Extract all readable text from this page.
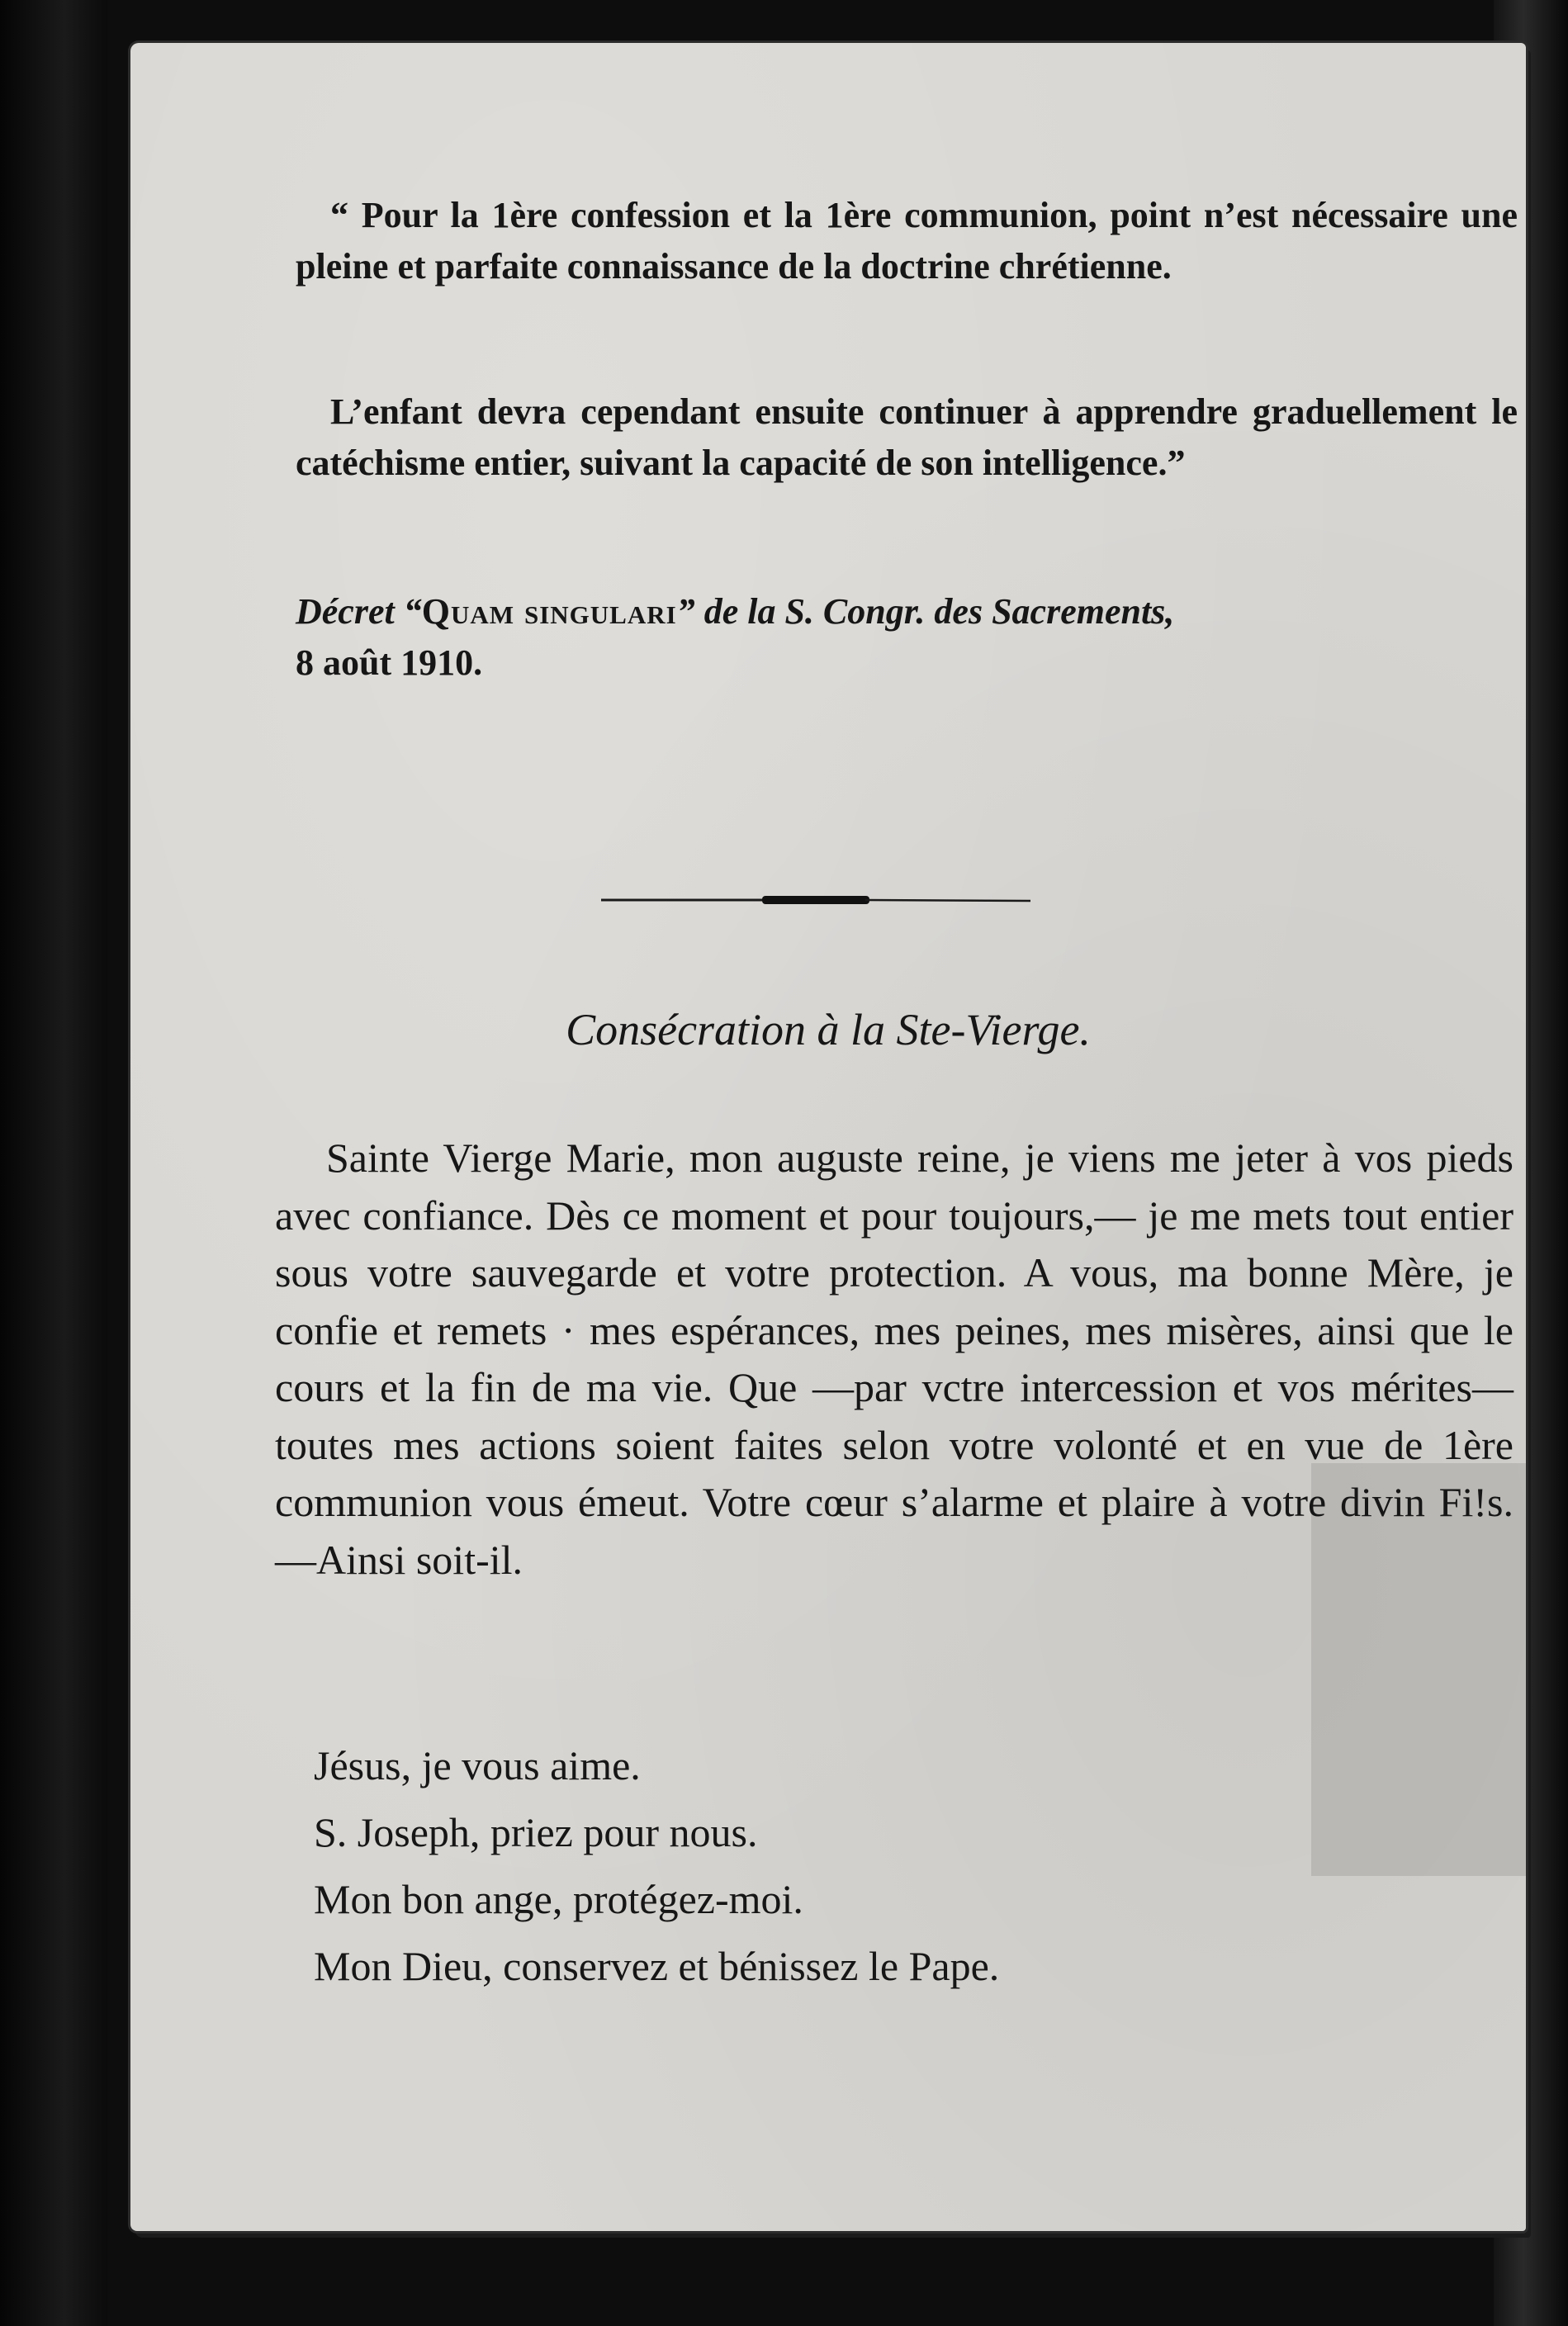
“ Pour la 1ère confession et la 1ère communion, point n’est nécessaire une pleine et parfaite connaissance de la doctrine chrétienne.
L’enfant devra cependant ensuite continuer à apprendre graduellement le catéchisme entier, suivant la capacité de son intelligence.”
Décret “Quam singulari” de la S. Congr. des Sacrements,
8 août 1910.
Consécration à la Ste-Vierge.
Sainte Vierge Marie, mon auguste reine, je viens me jeter à vos pieds avec confiance. Dès ce moment et pour toujours,— je me mets tout entier sous votre sauvegarde et votre protection. A vous, ma bonne Mère, je confie et remets · mes espérances, mes peines, mes misères, ainsi que le cours et la fin de ma vie. Que —par vctre intercession et vos mérites—toutes mes actions soient faites selon votre volonté et en vue de 1ère communion vous émeut. Votre cœur s’alarme et plaire à votre divin Fi!s.—Ainsi soit-il.
Jésus, je vous aime.
S. Joseph, priez pour nous.
Mon bon ange, protégez-moi.
Mon Dieu, conservez et bénissez le Pape.
